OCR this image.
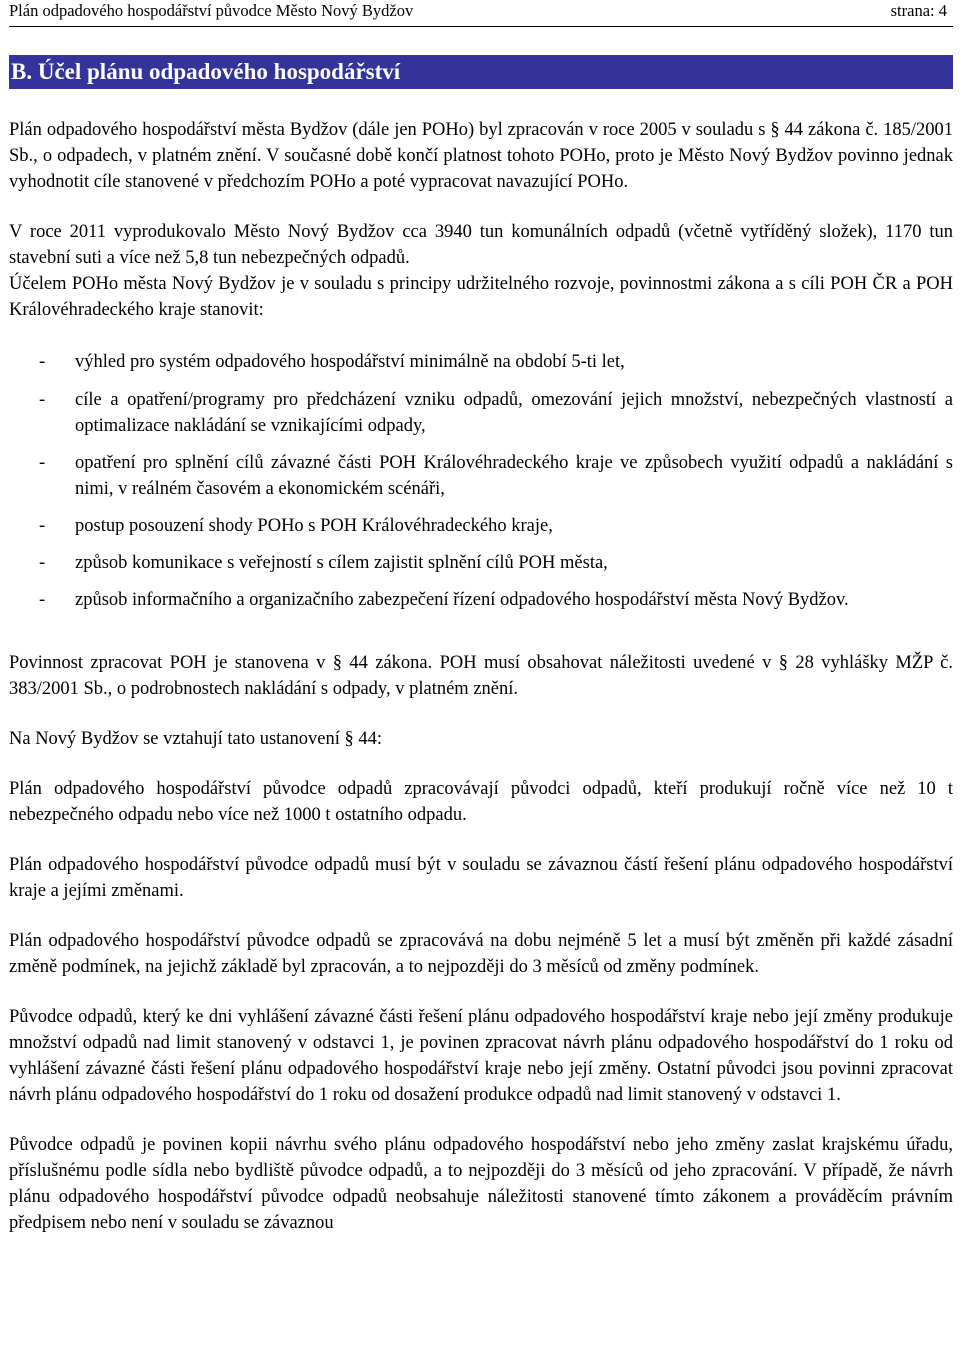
Plán odpadového hospodářství původce Město Nový Bydžov	strana: 4
B. Účel plánu odpadového hospodářství

Plán odpadového hospodářství města Bydžov (dále jen POHo) byl zpracován v roce 2005 v souladu s § 44 zákona č. 185/2001 Sb., o odpadech, v platném znění. V současné době končí platnost tohoto POHo, proto je Město Nový Bydžov povinno jednak vyhodnotit cíle stanovené v předchozím POHo a poté vypracovat navazující POHo.

V roce 2011 vyprodukovalo Město Nový Bydžov cca 3940 tun komunálních odpadů (včetně vytříděný složek), 1170 tun stavební suti a více než 5,8 tun nebezpečných odpadů.

Účelem POHo města Nový Bydžov je v souladu s principy udržitelného rozvoje, povinnostmi zákona a s cíli POH ČR a POH Královéhradeckého kraje stanovit:

- výhled pro systém odpadového hospodářství minimálně na období 5-ti let,
- cíle a opatření/programy pro předcházení vzniku odpadů, omezování jejich množství, nebezpečných vlastností a optimalizace nakládání se vznikajícími odpady,
- opatření pro splnění cílů závazné části POH Královéhradeckého kraje ve způsobech využití odpadů a nakládání s nimi, v reálném časovém a ekonomickém scénáři,
- postup posouzení shody POHo s POH Královéhradeckého kraje,
- způsob komunikace s veřejností s cílem zajistit splnění cílů POH města,
- způsob informačního a organizačního zabezpečení řízení odpadového hospodářství města Nový Bydžov.

Povinnost zpracovat POH je stanovena v § 44 zákona. POH musí obsahovat náležitosti uvedené v § 28 vyhlášky MŽP č. 383/2001 Sb., o podrobnostech nakládání s odpady, v platném znění.

Na Nový Bydžov se vztahují tato ustanovení § 44:

Plán odpadového hospodářství původce odpadů zpracovávají původci odpadů, kteří produkují ročně více než 10 t nebezpečného odpadu nebo více než 1000 t ostatního odpadu.

Plán odpadového hospodářství původce odpadů musí být v souladu se závaznou částí řešení plánu odpadového hospodářství kraje a jejími změnami.

Plán odpadového hospodářství původce odpadů se zpracovává na dobu nejméně 5 let a musí být změněn při každé zásadní změně podmínek, na jejichž základě byl zpracován, a to nejpozději do 3 měsíců od změny podmínek.

Původce odpadů, který ke dni vyhlášení závazné části řešení plánu odpadového hospodářství kraje nebo její změny produkuje množství odpadů nad limit stanovený v odstavci 1, je povinen zpracovat návrh plánu odpadového hospodářství do 1 roku od vyhlášení závazné části řešení plánu odpadového hospodářství kraje nebo její změny. Ostatní původci jsou povinni zpracovat návrh plánu odpadového hospodářství do 1 roku od dosažení produkce odpadů nad limit stanovený v odstavci 1.

Původce odpadů je povinen kopii návrhu svého plánu odpadového hospodářství nebo jeho změny zaslat krajskému úřadu, příslušnému podle sídla nebo bydliště původce odpadů, a to nejpozději do 3 měsíců od jeho zpracování. V případě, že návrh plánu odpadového hospodářství původce odpadů neobsahuje náležitosti stanovené tímto zákonem a prováděcím právním předpisem nebo není v souladu se závaznou
